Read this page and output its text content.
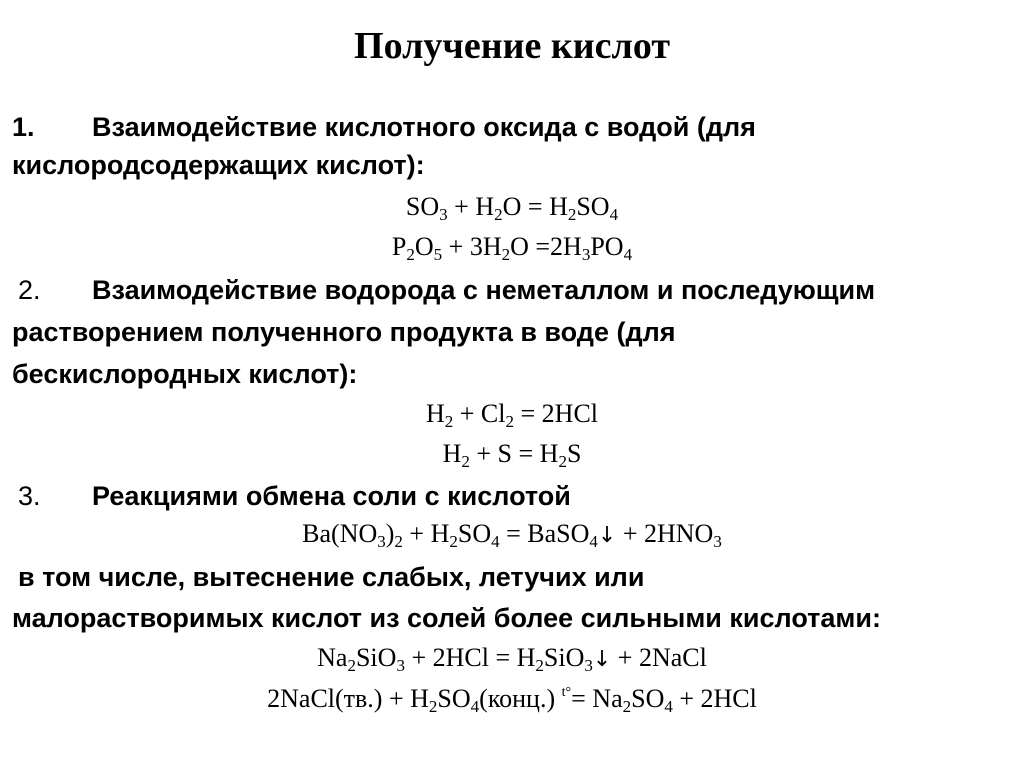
Получение кислот
1. Взаимодействие кислотного оксида с водой (для
кислородсодержащих кислот):
$SO_3 + H_2O = H_2SO_4$
$P_2O_5 + 3H_2O =2H_3PO_4$
2. Взаимодействие водорода с неметаллом и последующим
растворением полученного продукта в воде (для
бескислородных кислот):
$H_2 + Cl_2 = 2HCl$
$H_2 + S = H_2S$
3. Реакциями обмена соли с кислотой
$Ba(NO_3)_2 + H_2SO_4$ = BaSO$_4$↓ + $2HNO_3$
в том числе, вытеснение слабых, летучих или
малорастворимых кислот из солей более сильными кислотами:
$Na_2SiO_3 + 2HCl$ = $H_2SiO_3↓$ + 2NaCl
2NaCl(тв.) + $H_2SO_4(конц.)$ $^{t^\circ}= Na_2SO_4 + 2HCl$
